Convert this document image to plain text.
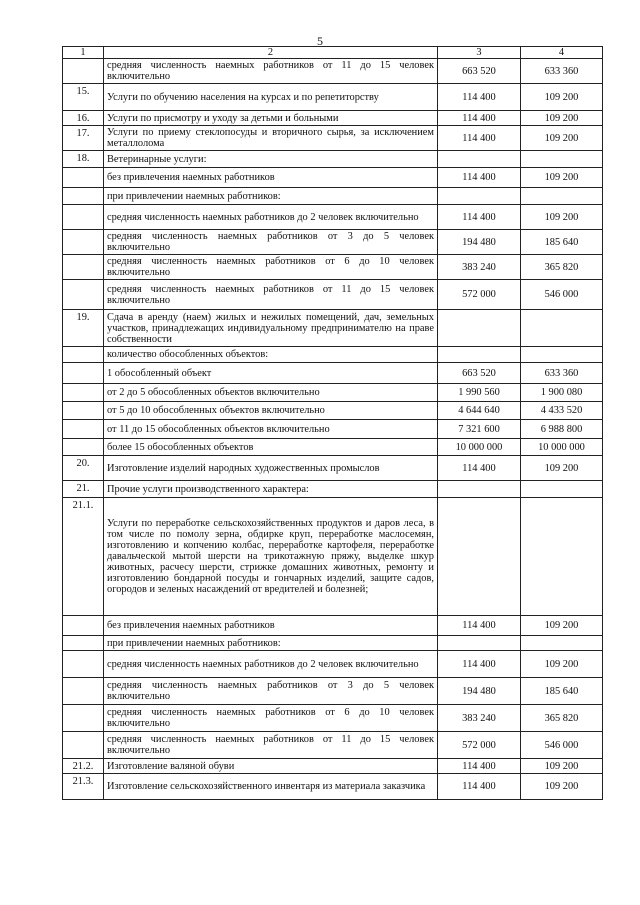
5
1	2	3	4
	средняя численность наемных работников от 11 до 15 человек включительно	663 520	633 360
15.	Услуги по обучению населения на курсах и по репетиторству	114 400	109 200
16.	Услуги по присмотру и уходу за детьми и больными	114 400	109 200
17.	Услуги по приему стеклопосуды и вторичного сырья, за исключением металлолома	114 400	109 200
18.	Ветеринарные услуги:		
	без привлечения наемных работников	114 400	109 200
	при привлечении наемных работников:		
	средняя численность наемных работников до 2 человек включительно	114 400	109 200
	средняя численность наемных работников от 3 до 5 человек включительно	194 480	185 640
	средняя численность наемных работников от 6 до 10 человек включительно	383 240	365 820
	средняя численность наемных работников от 11 до 15 человек включительно	572 000	546 000
19.	Сдача в аренду (наем) жилых и нежилых помещений, дач, земельных участков, принадлежащих индивидуальному предпринимателю на праве собственности		
	количество обособленных объектов:		
	1 обособленный объект	663 520	633 360
	от 2 до 5 обособленных объектов включительно	1 990 560	1 900 080
	от 5 до 10 обособленных объектов включительно	4 644 640	4 433 520
	от 11 до 15 обособленных объектов включительно	7 321 600	6 988 800
	более 15 обособленных объектов	10 000 000	10 000 000
20.	Изготовление изделий народных художественных промыслов	114 400	109 200
21.	Прочие услуги производственного характера:		
21.1.	Услуги по переработке сельскохозяйственных продуктов и даров леса, в том числе по помолу зерна, обдирке круп, переработке маслосемян, изготовлению и копчению колбас, переработке картофеля, переработке давальческой мытой шерсти на трикотажную пряжу, выделке шкур животных, расчесу шерсти, стрижке домашних животных, ремонту и изготовлению бондарной посуды и гончарных изделий, защите садов, огородов и зеленых насаждений от вредителей и болезней;		
	без привлечения наемных работников	114 400	109 200
	при привлечении наемных работников:		
	средняя численность наемных работников до 2 человек включительно	114 400	109 200
	средняя численность наемных работников от 3 до 5 человек включительно	194 480	185 640
	средняя численность наемных работников от 6 до 10 человек включительно	383 240	365 820
	средняя численность наемных работников от 11 до 15 человек включительно	572 000	546 000
21.2.	Изготовление валяной обуви	114 400	109 200
21.3.	Изготовление сельскохозяйственного инвентаря из материала заказчика	114 400	109 200
